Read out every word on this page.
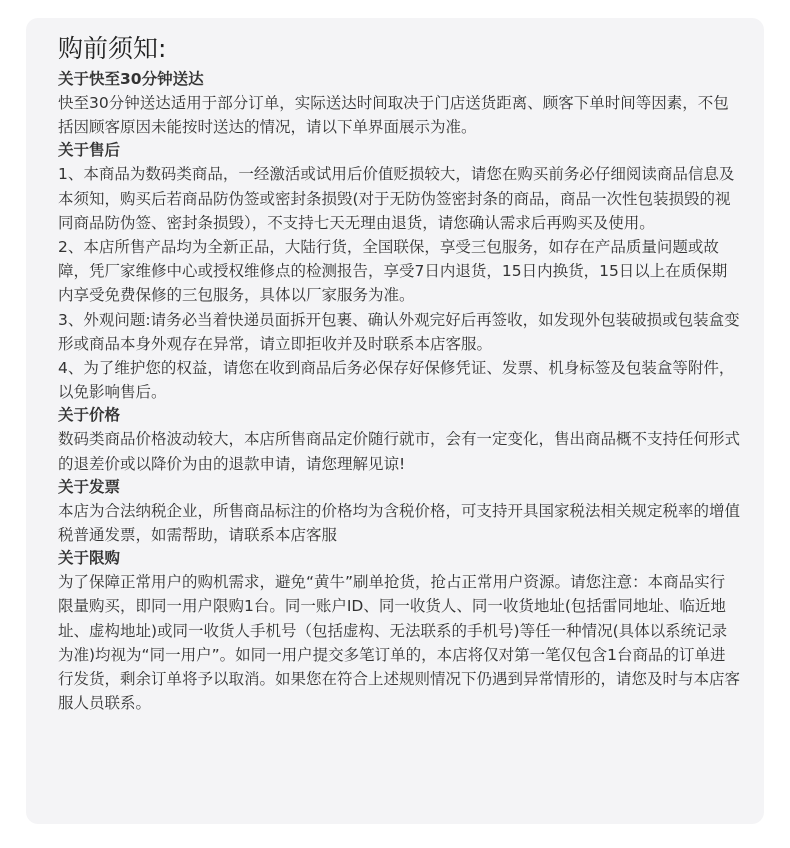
购前须知:

关于快至30分钟送达

快至30分钟送达适用于部分订单，实际送达时间取决于门店送货距离、顾客下单时间等因素，不包括因顾客原因未能按时送达的情况，请以下单界面展示为准。

关于售后

1、本商品为数码类商品，一经激活或试用后价值贬损较大，请您在购买前务必仔细阅读商品信息及本须知，购买后若商品防伪签或密封条损毁(对于无防伪签密封条的商品，商品一次性包装损毁的视同商品防伪签、密封条损毁），不支持七天无理由退货，请您确认需求后再购买及使用。

2、本店所售产品均为全新正品，大陆行货，全国联保，享受三包服务，如存在产品质量问题或故障，凭厂家维修中心或授权维修点的检测报告，享受7日内退货，15日内换货，15日以上在质保期内享受免费保修的三包服务，具体以厂家服务为准。

3、外观问题:请务必当着快递员面拆开包裹、确认外观完好后再签收，如发现外包装破损或包装盒变形或商品本身外观存在异常，请立即拒收并及时联系本店客服。

4、为了维护您的权益，请您在收到商品后务必保存好保修凭证、发票、机身标签及包装盒等附件，以免影响售后。

关于价格

数码类商品价格波动较大，本店所售商品定价随行就市，会有一定变化，售出商品概不支持任何形式的退差价或以降价为由的退款申请，请您理解见谅!

关于发票

本店为合法纳税企业，所售商品标注的价格均为含税价格，可支持开具国家税法相关规定税率的增值税普通发票，如需帮助，请联系本店客服

关于限购

为了保障正常用户的购机需求，避免“黄牛”刷单抢货，抢占正常用户资源。请您注意：本商品实行限量购买，即同一用户限购1台。同一账户ID、同一收货人、同一收货地址(包括雷同地址、临近地址、虚构地址)或同一收货人手机号（包括虚构、无法联系的手机号)等任一种情况(具体以系统记录为准)均视为“同一用户”。如同一用户提交多笔订单的，本店将仅对第一笔仅包含1台商品的订单进行发货，剩余订单将予以取消。如果您在符合上述规则情况下仍遇到异常情形的，请您及时与本店客服人员联系。
